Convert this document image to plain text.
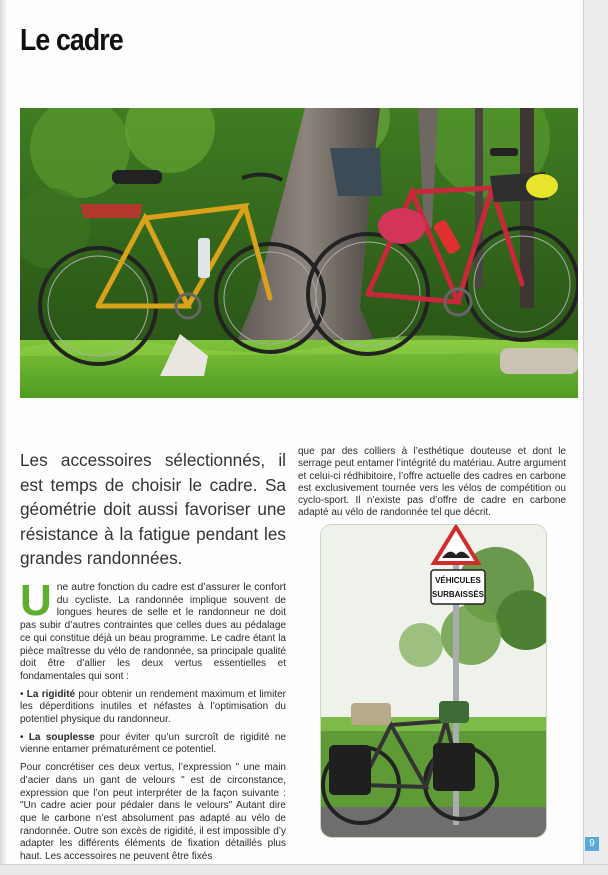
Le cadre

Les accessoires sélectionnés, il est temps de choisir le cadre. Sa géométrie doit aussi favoriser une résistance à la fatigue pendant les grandes randonnées.

Une autre fonction du cadre est d’assurer le confort du cycliste. La randonnée implique souvent de longues heures de selle et le randonneur ne doit pas subir d’autres contraintes que celles dues au pédalage ce qui constitue déjà un beau programme. Le cadre étant la pièce maîtresse du vélo de randonnée, sa principale qualité doit être d’allier les deux vertus essentielles et fondamentales qui sont :

• La rigidité pour obtenir un rendement maximum et limiter les déperditions inutiles et néfastes à l’optimisation du potentiel physique du randonneur.

• La souplesse pour éviter qu’un surcroît de rigidité ne vienne entamer prématurément ce potentiel.

Pour concrétiser ces deux vertus, l’expression " une main d’acier dans un gant de velours " est de circonstance, expression que l’on peut interpréter de la façon suivante : "Un cadre acier pour pédaler dans le velours" Autant dire que le carbone n’est absolument pas adapté au vélo de randonnée. Outre son excès de rigidité, il est impossible d’y adapter les différents éléments de fixation détaillés plus haut. Les accessoires ne peuvent être fixés

que par des colliers à l’esthétique douteuse et dont le serrage peut entamer l’intégrité du matériau. Autre argument et celui-ci rédhibitoire, l’offre actuelle des cadres en carbone est exclusivement tournée vers les vélos de compétition ou cyclo-sport. Il n’existe pas d’offre de cadre en carbone adapté au vélo de randonnée tel que décrit.

VÉHICULES
SURBAISSÉS
9
